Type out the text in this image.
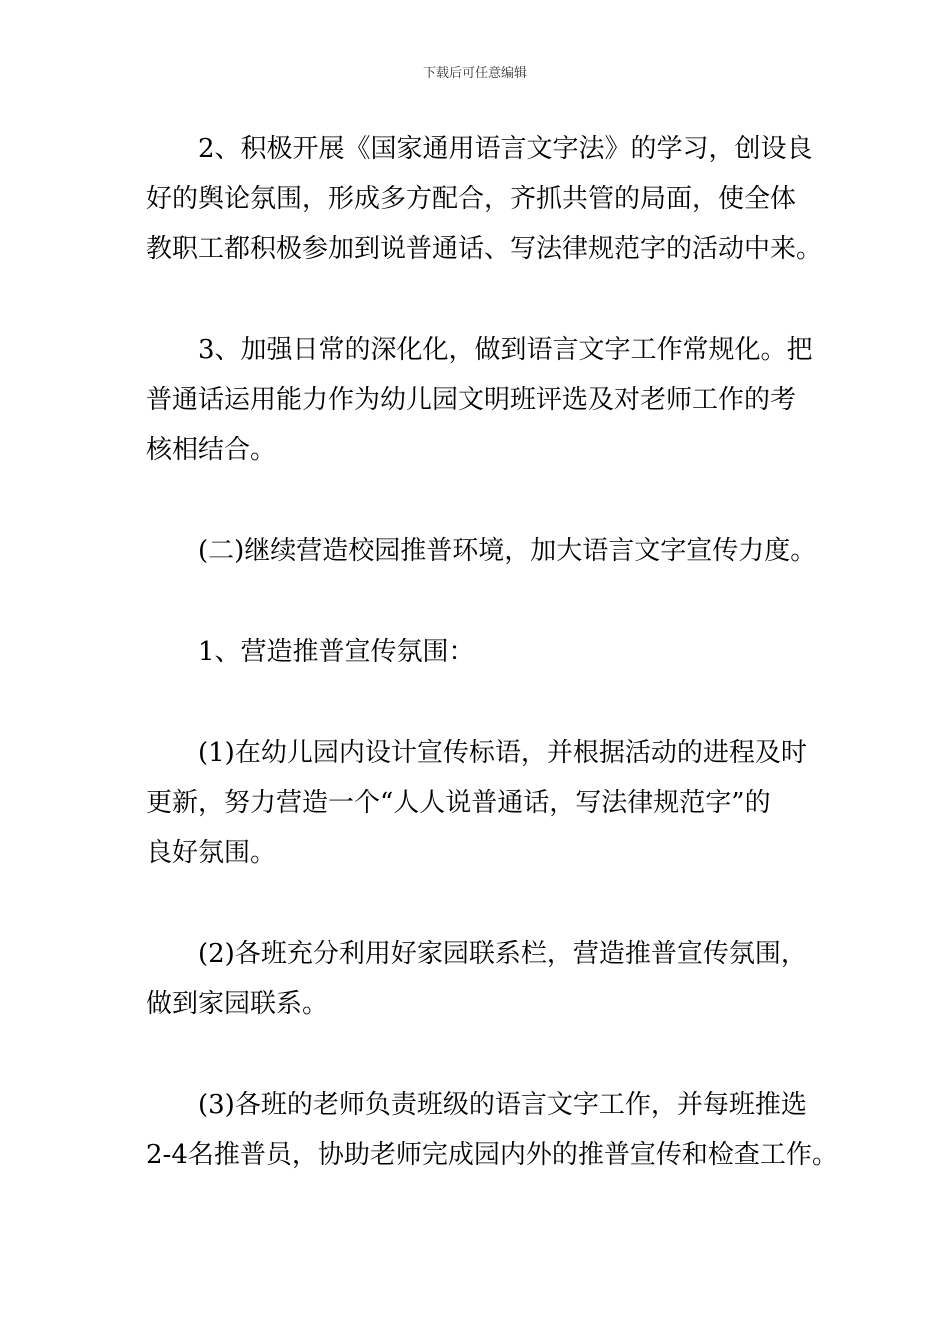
下载后可任意编辑

2、积极开展《国家通用语言文字法》的学习，创设良
好的舆论氛围，形成多方配合，齐抓共管的局面，使全体
教职工都积极参加到说普通话、写法律规范字的活动中来。

3、加强日常的深化化，做到语言文字工作常规化。把
普通话运用能力作为幼儿园文明班评选及对老师工作的考
核相结合。

(二)继续营造校园推普环境，加大语言文字宣传力度。

1、营造推普宣传氛围：

(1)在幼儿园内设计宣传标语，并根据活动的进程及时
更新，努力营造一个“人人说普通话，写法律规范字”的
良好氛围。

(2)各班充分利用好家园联系栏，营造推普宣传氛围，
做到家园联系。

(3)各班的老师负责班级的语言文字工作，并每班推选
2-4名推普员，协助老师完成园内外的推普宣传和检查工作。
